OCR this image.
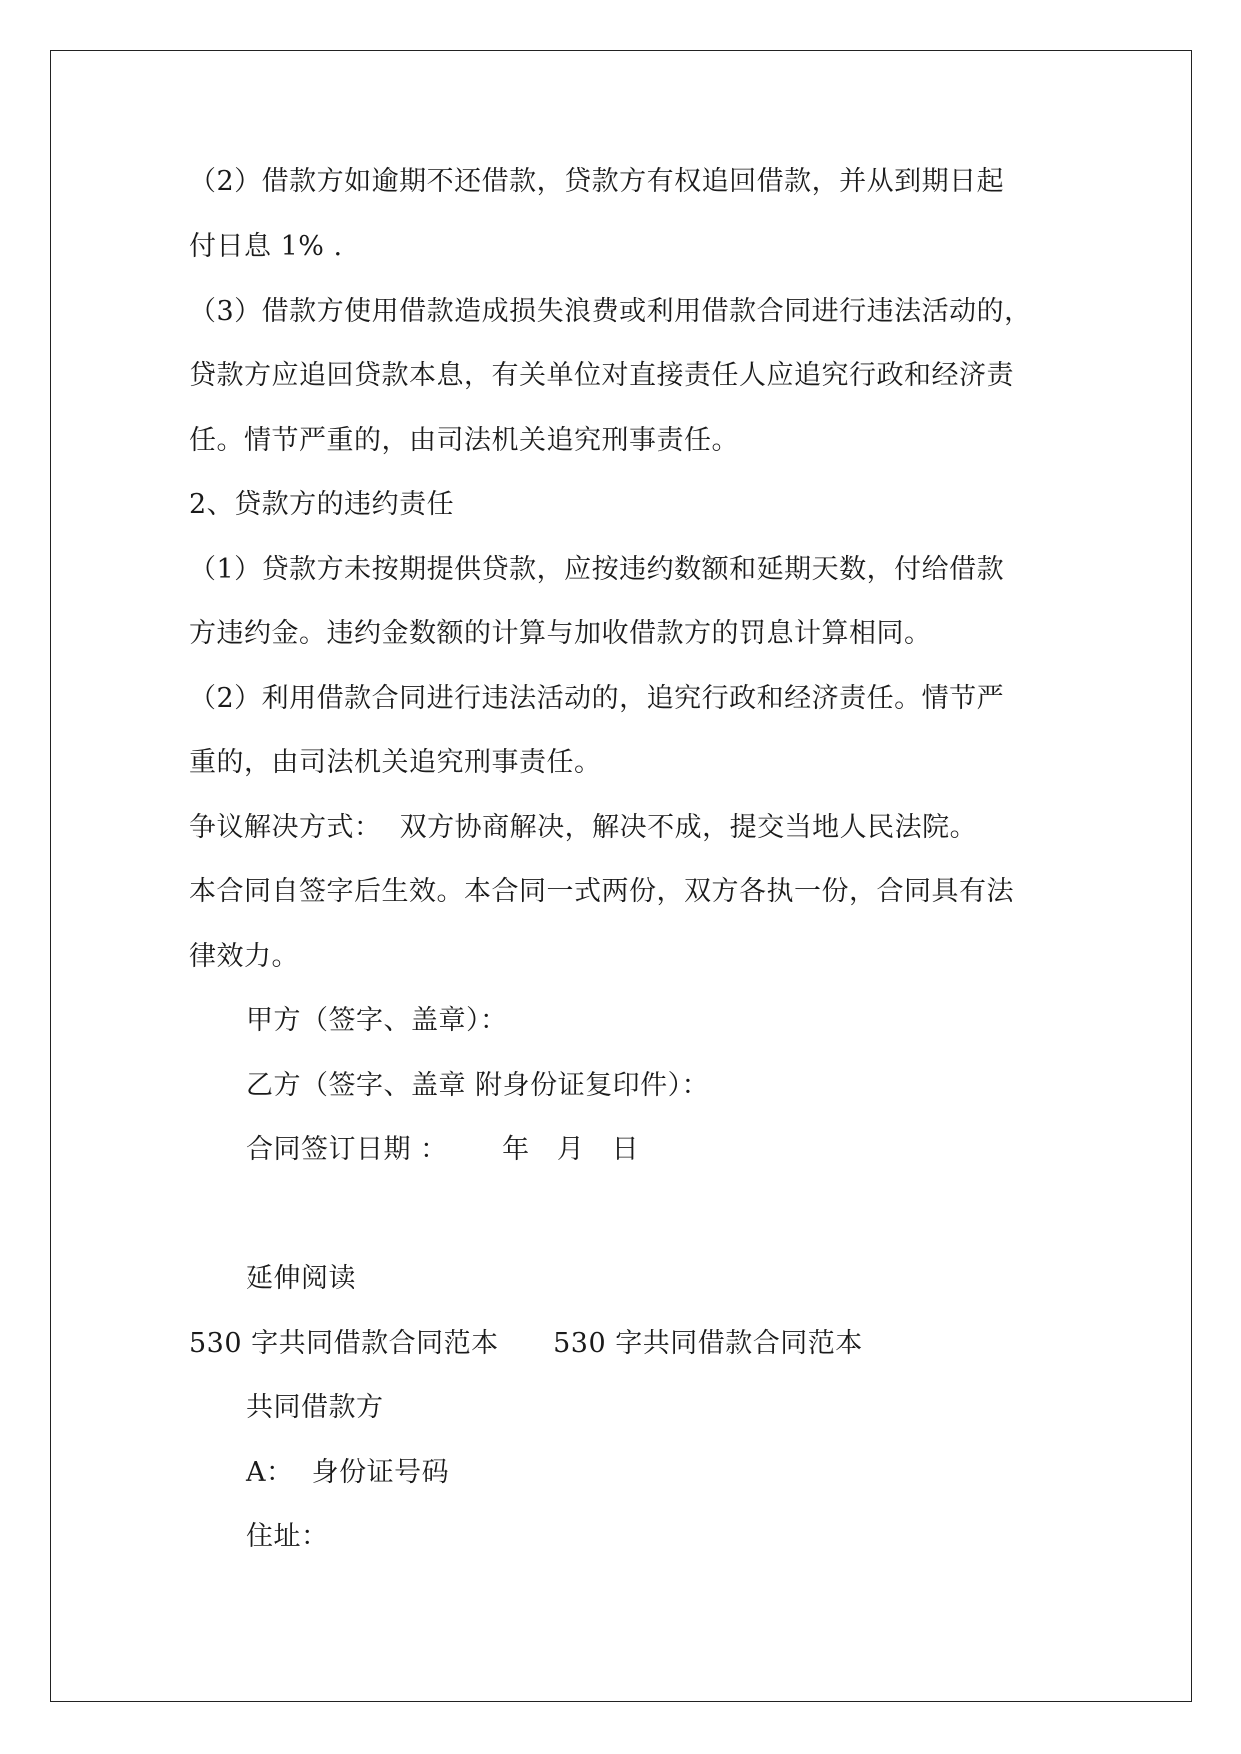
（2）借款方如逾期不还借款，贷款方有权追回借款，并从到期日起
付日息 1% .
（3）借款方使用借款造成损失浪费或利用借款合同进行违法活动的，
贷款方应追回贷款本息，有关单位对直接责任人应追究行政和经济责
任。情节严重的，由司法机关追究刑事责任。
2、贷款方的违约责任
（1）贷款方未按期提供贷款，应按违约数额和延期天数，付给借款
方违约金。违约金数额的计算与加收借款方的罚息计算相同。
（2）利用借款合同进行违法活动的，追究行政和经济责任。情节严
重的，由司法机关追究刑事责任。
争议解决方式：  双方协商解决，解决不成，提交当地人民法院。
本合同自签字后生效。本合同一式两份，双方各执一份，合同具有法
律效力。
甲方（签字、盖章）：
乙方（签字、盖章 附身份证复印件）：
合同签订日期 ：      年   月   日
延伸阅读
530 字共同借款合同范本      530 字共同借款合同范本
共同借款方
A：  身份证号码
住址：
